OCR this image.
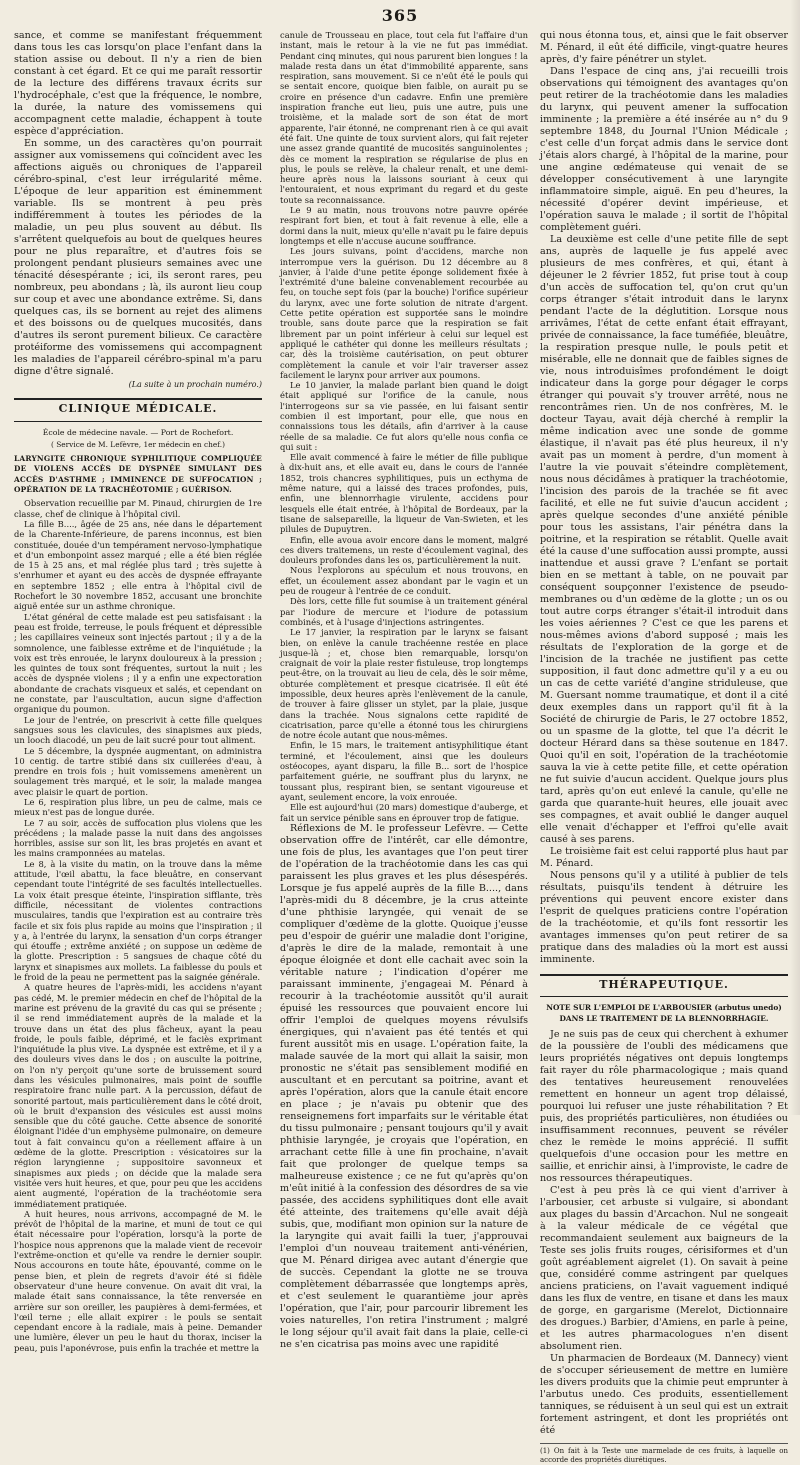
365

sance, et comme se manifestant fréquemment dans tous les cas lorsqu'on place l'enfant dans la station assise ou debout. Il n'y a rien de bien constant à cet égard. Et ce qui me paraît ressortir de la lecture des différens travaux écrits sur l'hydrocéphale, c'est que la fréquence, le nombre, la durée, la nature des vomissemens qui accompagnent cette maladie, échappent à toute espèce d'appréciation.

En somme, un des caractères qu'on pourrait assigner aux vomissemens qui coïncident avec les affections aiguës ou chroniques de l'appareil cérébro-spinal, c'est leur irrégularité même. L'époque de leur apparition est éminemment variable. Ils se montrent à peu près indifféremment à toutes les périodes de la maladie, un peu plus souvent au début. Ils s'arrêtent quelquefois au bout de quelques heures pour ne plus reparaître, et d'autres fois se prolongent pendant plusieurs semaines avec une ténacité désespérante ; ici, ils seront rares, peu nombreux, peu abondans ; là, ils auront lieu coup sur coup et avec une abondance extrême. Si, dans quelques cas, ils se bornent au rejet des alimens et des boissons ou de quelques mucosités, dans d'autres ils seront purement bilieux. Ce caractère protéiforme des vomissemens qui accompagnent les maladies de l'appareil cérébro-spinal m'a paru digne d'être signalé.

(La suite à un prochain numéro.)
CLINIQUE MÉDICALE.
École de médecine navale. — Port de Rochefort.
( Service de M. Lefèvre, 1er médecin en chef.)
LARYNGITE CHRONIQUE SYPHILITIQUE COMPLIQUÉE DE VIOLENS ACCÈS DE DYSPNÉE SIMULANT DES ACCÈS D'ASTHME ; IMMINENCE DE SUFFOCATION ; OPÉRATION DE LA TRACHÉOTOMIE ; GUÉRISON.

Observation recueillie par M. Pinaud, chirurgien de 1re classe, chef de clinique à l'hôpital civil.

La fille B...., âgée de 25 ans, née dans le département de la Charente-Inférieure, de parens inconnus, est bien constituée, douée d'un tempérament nervoso-lymphatique et d'un embonpoint assez marqué ; elle a été bien réglée de 15 à 25 ans, et mal réglée plus tard ; très sujette à s'enrhumer et ayant eu des accès de dyspnée effrayante en septembre 1852 ; elle entra à l'hôpital civil de Rochefort le 30 novembre 1852, accusant une bronchite aiguë entée sur un asthme chronique.

L'état général de cette malade est peu satisfaisant : la peau est froide, terreuse, le pouls fréquent et dépressible ; les capillaires veineux sont injectés partout ; il y a de la somnolence, une faiblesse extrême et de l'inquiétude ; la voix est très enrouée, le larynx douloureux à la pression ; les quintes de toux sont fréquentes, surtout la nuit ; les accès de dyspnée violens ; il y a enfin une expectoration abondante de crachats visqueux et salés, et cependant on ne constate, par l'auscultation, aucun signe d'affection organique du poumon.

Le jour de l'entrée, on prescrivit à cette fille quelques sangsues sous les clavicules, des sinapismes aux pieds, un looch diacodé, un peu de lait sucré pour tout aliment.

Le 5 décembre, la dyspnée augmentant, on administra 10 centig. de tartre stibié dans six cuillerées d'eau, à prendre en trois fois ; huit vomissemens amenèrent un soulagement très marqué, et le soir, la malade mangea avec plaisir le quart de portion.

Le 6, respiration plus libre, un peu de calme, mais ce mieux n'est pas de longue durée.

Le 7 au soir, accès de suffocation plus violens que les précédens ; la malade passe la nuit dans des angoisses horribles, assise sur son lit, les bras projetés en avant et les mains cramponnées au matelas.

Le 8, à la visite du matin, on la trouve dans la même attitude, l'œil abattu, la face bleuâtre, en conservant cependant toute l'intégrité de ses facultés intellectuelles. La voix était presque éteinte, l'inspiration sifflante, très difficile, nécessitant de violentes contractions musculaires, tandis que l'expiration est au contraire très facile et six fois plus rapide au moins que l'inspiration ; il y a, à l'entrée du larynx, la sensation d'un corps étranger qui étouffe ; extrême anxiété ; on suppose un œdème de la glotte. Prescription : 5 sangsues de chaque côté du larynx et sinapismes aux mollets. La faiblesse du pouls et le froid de la peau ne permettent pas la saignée générale.

A quatre heures de l'après-midi, les accidens n'ayant pas cédé, M. le premier médecin en chef de l'hôpital de la marine est prévenu de la gravité du cas qui se présente ; il se rend immédiatement auprès de la malade et la trouve dans un état des plus fâcheux, ayant la peau froide, le pouls faible, déprimé, et le faciès exprimant l'inquiétude la plus vive. La dyspnée est extrême, et il y a des douleurs vives dans le dos ; on ausculte la poitrine, on l'on n'y perçoit qu'une sorte de bruissement sourd dans les vésicules pulmonaires, mais point de souffle respiratoire franc nulle part. A la percussion, défaut de sonorité partout, mais particulièrement dans le côté droit, où le bruit d'expansion des vésicules est aussi moins sensible que du côté gauche. Cette absence de sonorité éloignant l'idée d'un emphysème pulmonaire, on demeure tout à fait convaincu qu'on a réellement affaire à un œdème de la glotte. Prescription : vésicatoires sur la région laryngienne ; suppositoire savonneux et sinapismes aux pieds ; on décide que la malade sera visitée vers huit heures, et que, pour peu que les accidens aient augmenté, l'opération de la trachéotomie sera immédiatement pratiquée.

A huit heures, nous arrivons, accompagné de M. le prévôt de l'hôpital de la marine, et muni de tout ce qui était nécessaire pour l'opération, lorsqu'à la porte de l'hospice nous apprenons que la malade vient de recevoir l'extrême-onction et qu'elle va rendre le dernier soupir. Nous accourons en toute hâte, épouvanté, comme on le pense bien, et plein de regrets d'avoir été si fidèle observateur d'une heure convenue. On avait dit vrai, la malade était sans connaissance, la tête renversée en arrière sur son oreiller, les paupières à demi-fermées, et l'œil terne ; elle allait expirer : le pouls se sentait cependant encore à la radiale, mais à peine. Demander une lumière, élever un peu le haut du thorax, inciser la peau, puis l'aponévrose, puis enfin la trachée et mettre la

canule de Trousseau en place, tout cela fut l'affaire d'un instant, mais le retour à la vie ne fut pas immédiat. Pendant cinq minutes, qui nous parurent bien longues ! la malade resta dans un état d'immobilité apparente, sans respiration, sans mouvement. Si ce n'eût été le pouls qui se sentait encore, quoique bien faible, on aurait pu se croire en présence d'un cadavre. Enfin une première inspiration franche eut lieu, puis une autre, puis une troisième, et la malade sort de son état de mort apparente, l'air étonné, ne comprenant rien à ce qui avait été fait. Une quinte de toux survient alors, qui fait rejeter une assez grande quantité de mucosités sanguinolentes ; dès ce moment la respiration se régularise de plus en plus, le pouls se relève, la chaleur renaît, et une demi-heure après nous la laissons souriant à ceux qui l'entouraient, et nous exprimant du regard et du geste toute sa reconnaissance.

Le 9 au matin, nous trouvons notre pauvre opérée respirant fort bien, et tout à fait revenue à elle, elle a dormi dans la nuit, mieux qu'elle n'avait pu le faire depuis longtemps et elle n'accuse aucune souffrance.

Les jours suivans, point d'accidens, marche non interrompue vers la guérison. Du 12 décembre au 8 janvier, à l'aide d'une petite éponge solidement fixée à l'extrémité d'une baleine convenablement recourbée au feu, on touche sept fois (par la bouche) l'orifice supérieur du larynx, avec une forte solution de nitrate d'argent. Cette petite opération est supportée sans le moindre trouble, sans doute parce que la respiration se fait librement par un point inférieur à celui sur lequel est appliqué le cathéter qui donne les meilleurs résultats ; car, dès la troisième cautérisation, on peut obturer complètement la canule et voir l'air traverser assez facilement le larynx pour arriver aux poumons.

Le 10 janvier, la malade parlant bien quand le doigt était appliqué sur l'orifice de la canule, nous l'interrogeons sur sa vie passée, en lui faisant sentir combien il est important, pour elle, que nous en connaissions tous les détails, afin d'arriver à la cause réelle de sa maladie. Ce fut alors qu'elle nous confia ce qui suit :

Elle avait commencé à faire le métier de fille publique à dix-huit ans, et elle avait eu, dans le cours de l'année 1852, trois chancres syphilitiques, puis un ecthyma de même nature, qui a laissé des traces profondes, puis, enfin, une blennorrhagie virulente, accidens pour lesquels elle était entrée, à l'hôpital de Bordeaux, par la tisane de salsepareille, la liqueur de Van-Swieten, et les pilules de Dupuytren.

Enfin, elle avoua avoir encore dans le moment, malgré ces divers traitemens, un reste d'écoulement vaginal, des douleurs profondes dans les os, particulièrement la nuit.

Nous l'explorons au spéculum et nous trouvons, en effet, un écoulement assez abondant par le vagin et un peu de rougeur à l'entrée de ce conduit.

Dès lors, cette fille fut soumise à un traitement général par l'iodure de mercure et l'iodure de potassium combinés, et à l'usage d'injections astringentes.

Le 17 janvier, la respiration par le larynx se faisant bien, on enlève la canule trachéenne restée en place jusque-là ; et, chose bien remarquable, lorsqu'on craignait de voir la plaie rester fistuleuse, trop longtemps peut-être, on la trouvait au lieu de cela, dès le soir même, obturée complètement et presque cicatrisée. Il eût été impossible, deux heures après l'enlèvement de la canule, de trouver à faire glisser un stylet, par la plaie, jusque dans la trachée. Nous signalons cette rapidité de cicatrisation, parce qu'elle a étonné tous les chirurgiens de notre école autant que nous-mêmes.

Enfin, le 15 mars, le traitement antisyphilitique étant terminé, et l'écoulement, ainsi que les douleurs ostéocopes, ayant disparu, la fille B... sort de l'hospice parfaitement guérie, ne souffrant plus du larynx, ne toussant plus, respirant bien, se sentant vigoureuse et ayant, seulement encore, la voix enrouée.

Elle est aujourd'hui (20 mars) domestique d'auberge, et fait un service pénible sans en éprouver trop de fatigue.

Réflexions de M. le professeur Lefèvre. — Cette observation offre de l'intérêt, car elle démontre, une fois de plus, les avantages que l'on peut tirer de l'opération de la trachéotomie dans les cas qui paraissent les plus graves et les plus désespérés. Lorsque je fus appelé auprès de la fille B...., dans l'après-midi du 8 décembre, je la crus atteinte d'une phthisie laryngée, qui venait de se compliquer d'œdème de la glotte. Quoique j'eusse peu d'espoir de guérir une maladie dont l'origine, d'après le dire de la malade, remontait à une époque éloignée et dont elle cachait avec soin la véritable nature ; l'indication d'opérer me paraissant imminente, j'engageai M. Pénard à recourir à la trachéotomie aussitôt qu'il aurait épuisé les ressources que pouvaient encore lui offrir l'emploi de quelques moyens révulsifs énergiques, qui n'avaient pas été tentés et qui furent aussitôt mis en usage. L'opération faite, la malade sauvée de la mort qui allait la saisir, mon pronostic ne s'était pas sensiblement modifié en auscultant et en percutant sa poitrine, avant et après l'opération, alors que la canule était encore en place ; je n'avais pu obtenir que des renseignemens fort imparfaits sur le véritable état du tissu pulmonaire ; pensant toujours qu'il y avait phthisie laryngée, je croyais que l'opération, en arrachant cette fille à une fin prochaine, n'avait fait que prolonger de quelque temps sa malheureuse existence ; ce ne fut qu'après qu'on m'eût initié à la confession des désordres de sa vie passée, des accidens syphilitiques dont elle avait été atteinte, des traitemens qu'elle avait déjà subis, que, modifiant mon opinion sur la nature de la laryngite qui avait failli la tuer, j'approuvai l'emploi d'un nouveau traitement anti-vénérien, que M. Pénard dirigea avec autant d'énergie que de succès. Cependant la glotte ne se trouva complètement débarrassée que longtemps après, et c'est seulement le quarantième jour après l'opération, que l'air, pour parcourir librement les voies naturelles, l'on retira l'instrument ; malgré le long séjour qu'il avait fait dans la plaie, celle-ci ne s'en cicatrisa pas moins avec une rapidité

qui nous étonna tous, et, ainsi que le fait observer M. Pénard, il eût été difficile, vingt-quatre heures après, d'y faire pénétrer un stylet.

Dans l'espace de cinq ans, j'ai recueilli trois observations qui témoignent des avantages qu'on peut retirer de la trachéotomie dans les maladies du larynx, qui peuvent amener la suffocation imminente ; la première a été insérée au n° du 9 septembre 1848, du Journal l'Union Médicale ; c'est celle d'un forçat admis dans le service dont j'étais alors chargé, à l'hôpital de la marine, pour une angine œdémateuse qui venait de se développer consécutivement à une laryngite inflammatoire simple, aiguë. En peu d'heures, la nécessité d'opérer devint impérieuse, et l'opération sauva le malade ; il sortit de l'hôpital complètement guéri.

La deuxième est celle d'une petite fille de sept ans, auprès de laquelle je fus appelé avec plusieurs de mes confrères, et qui, étant à déjeuner le 2 février 1852, fut prise tout à coup d'un accès de suffocation tel, qu'on crut qu'un corps étranger s'était introduit dans le larynx pendant l'acte de la déglutition. Lorsque nous arrivâmes, l'état de cette enfant était effrayant, privée de connaissance, la face tuméfiée, bleuâtre, la respiration presque nulle, le pouls petit et misérable, elle ne donnait que de faibles signes de vie, nous introduisîmes profondément le doigt indicateur dans la gorge pour dégager le corps étranger qui pouvait s'y trouver arrêté, nous ne rencontrâmes rien. Un de nos confrères, M. le docteur Tayau, avait déjà cherché à remplir la même indication avec une sonde de gomme élastique, il n'avait pas été plus heureux, il n'y avait pas un moment à perdre, d'un moment à l'autre la vie pouvait s'éteindre complètement, nous nous décidâmes à pratiquer la trachéotomie, l'incision des parois de la trachée se fit avec facilité, et elle ne fut suivie d'aucun accident ; après quelque secondes d'une anxiété pénible pour tous les assistans, l'air pénétra dans la poitrine, et la respiration se rétablit. Quelle avait été la cause d'une suffocation aussi prompte, aussi inattendue et aussi grave ? L'enfant se portait bien en se mettant à table, on ne pouvait par conséquent soupçonner l'existence de pseudo-membranes ou d'un œdème de la glotte ; un os ou tout autre corps étranger s'était-il introduit dans les voies aériennes ? C'est ce que les parens et nous-mêmes avions d'abord supposé ; mais les résultats de l'exploration de la gorge et de l'incision de la trachée ne justifient pas cette supposition, il faut donc admettre qu'il y a eu ou un cas de cette variété d'angine striduleuse, que M. Guersant nomme traumatique, et dont il a cité deux exemples dans un rapport qu'il fit à la Société de chirurgie de Paris, le 27 octobre 1852, ou un spasme de la glotte, tel que l'a décrit le docteur Hérard dans sa thèse soutenue en 1847. Quoi qu'il en soit, l'opération de la trachéotomie sauva la vie à cette petite fille, et cette opération ne fut suivie d'aucun accident. Quelque jours plus tard, après qu'on eut enlevé la canule, qu'elle ne garda que quarante-huit heures, elle jouait avec ses compagnes, et avait oublié le danger auquel elle venait d'échapper et l'effroi qu'elle avait causé à ses parens.

Le troisième fait est celui rapporté plus haut par M. Pénard.

Nous pensons qu'il y a utilité à publier de tels résultats, puisqu'ils tendent à détruire les préventions qui peuvent encore exister dans l'esprit de quelques praticiens contre l'opération de la trachéotomie, et qu'ils font ressortir les avantages immenses qu'on peut retirer de sa pratique dans des maladies où la mort est aussi imminente.

THÉRAPEUTIQUE.
NOTE SUR L'EMPLOI DE L'ARBOUSIER (arbutus unedo) DANS LE TRAITEMENT DE LA BLENNORRHAGIE.

Je ne suis pas de ceux qui cherchent à exhumer de la poussière de l'oubli des médicamens que leurs propriétés négatives ont depuis longtemps fait rayer du rôle pharmacologique ; mais quand des tentatives heureusement renouvelées remettent en honneur un agent trop délaissé, pourquoi lui refuser une juste réhabilitation ? Et puis, des propriétés particulières, non étudiées ou insuffisamment reconnues, peuvent se révéler chez le remède le moins apprécié. Il suffit quelquefois d'une occasion pour les mettre en saillie, et enrichir ainsi, à l'improviste, le cadre de nos ressources thérapeutiques.

C'est à peu près là ce qui vient d'arriver à l'arbousier, cet arbuste si vulgaire, si abondant aux plages du bassin d'Arcachon. Nul ne songeait à la valeur médicale de ce végétal que recommandaient seulement aux baigneurs de la Teste ses jolis fruits rouges, cérisiformes et d'un goût agréablement aigrelet (1). On savait à peine que, considéré comme astringent par quelques anciens praticiens, on l'avait vaguement indiqué dans les flux de ventre, en tisane et dans les maux de gorge, en gargarisme (Merelot, Dictionnaire des drogues.) Barbier, d'Amiens, en parle à peine, et les autres pharmacologues n'en disent absolument rien.

Un pharmacien de Bordeaux (M. Dannecy) vient de s'occuper sérieusement de mettre en lumière les divers produits que la chimie peut emprunter à l'arbutus unedo. Ces produits, essentiellement tanniques, se réduisent à un seul qui est un extrait fortement astringent, et dont les propriétés ont été

(1) On fait à la Teste une marmelade de ces fruits, à laquelle on accorde des propriétés diurétiques.
